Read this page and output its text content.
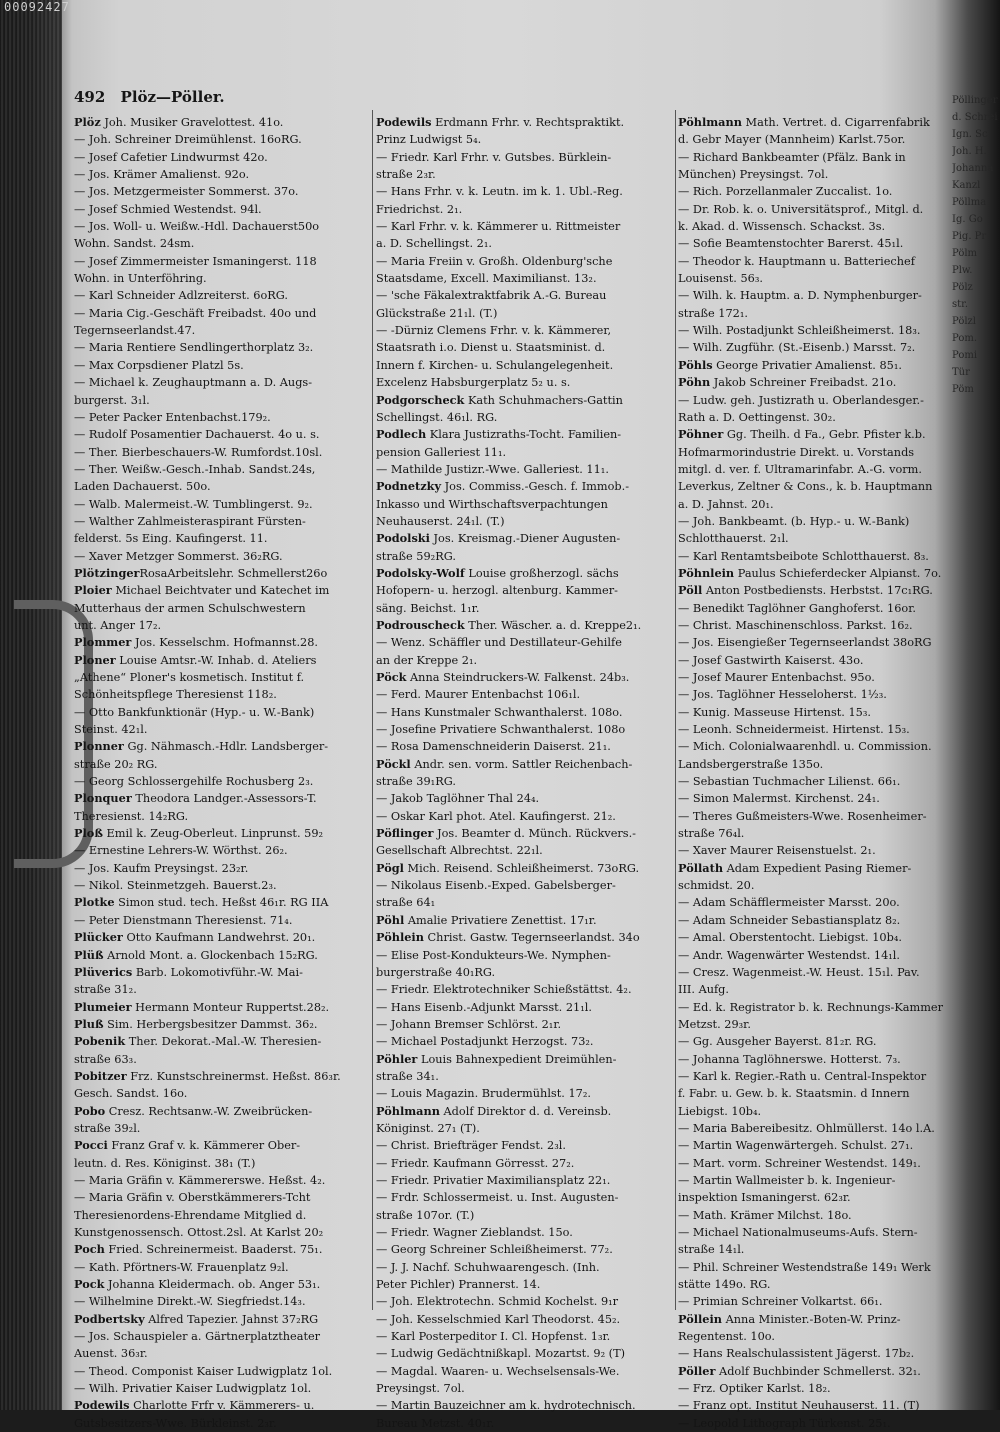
00092427
492 Plöz—Pöller.
Plöz Joh. Musiker Gravelottest. 41o.
— Joh. Schreiner Dreimühlenst. 16oRG.
— Josef Cafetier Lindwurmst 42o.
— Jos. Krämer Amalienst. 92o.
— Jos. Metzgermeister Sommerst. 37o.
— Josef Schmied Westendst. 94l.
— Jos. Woll- u. Weißw.-Hdl. Dachauerst50o
Wohn. Sandst. 24sm.
— Josef Zimmermeister Ismaningerst. 118
Wohn. in Unterföhring.
— Karl Schneider Adlzreiterst. 6oRG.
— Maria Cig.-Geschäft Freibadst. 40o und
Tegernseerlandst.47.
— Maria Rentiere Sendlingerthorplatz 3₂.
— Max Corpsdiener Platzl 5s.
— Michael k. Zeughauptmann a. D. Augs-
burgerst. 3₁l.
— Peter Packer Entenbachst.179₂.
— Rudolf Posamentier Dachauerst. 4o u. s.
— Ther. Bierbeschauers-W. Rumfordst.10sl.
— Ther. Weißw.-Gesch.-Inhab. Sandst.24s,
Laden Dachauerst. 50o.
— Walb. Malermeist.-W. Tumblingerst. 9₂.
— Walther Zahlmeisteraspirant Fürsten-
felderst. 5s Eing. Kaufingerst. 11.
— Xaver Metzger Sommerst. 36₂RG.
PlötzingerRosaArbeitslehr. Schmellerst26o
Ploier Michael Beichtvater und Katechet im
Mutterhaus der armen Schulschwestern
unt. Anger 17₂.
Plommer Jos. Kesselschm. Hofmannst.28.
Ploner Louise Amtsr.-W. Inhab. d. Ateliers
„Athene“ Ploner's kosmetisch. Institut f.
Schönheitspflege Theresienst 118₂.
— Otto Bankfunktionär (Hyp.- u. W.-Bank)
Steinst. 42₁l.
Plonner Gg. Nähmasch.-Hdlr. Landsberger-
straße 20₂ RG.
— Georg Schlossergehilfe Rochusberg 2₃.
Plonquer Theodora Landger.-Assessors-T.
Theresienst. 14₂RG.
Ploß Emil k. Zeug-Oberleut. Linprunst. 59₂
— Ernestine Lehrers-W. Wörthst. 26₂.
— Jos. Kaufm Preysingst. 23₂r.
— Nikol. Steinmetzgeh. Bauerst.2₃.
Plotke Simon stud. tech. Heßst 46₁r. RG IIA
— Peter Dienstmann Theresienst. 71₄.
Plücker Otto Kaufmann Landwehrst. 20₁.
Plüß Arnold Mont. a. Glockenbach 15₂RG.
Plüverics Barb. Lokomotivführ.-W. Mai-
straße 31₂.
Plumeier Hermann Monteur Ruppertst.28₂.
Pluß Sim. Herbergsbesitzer Dammst. 36₂.
Pobenik Ther. Dekorat.-Mal.-W. Theresien-
straße 63₃.
Pobitzer Frz. Kunstschreinermst. Heßst. 86₃r.
Gesch. Sandst. 16o.
Pobo Cresz. Rechtsanw.-W. Zweibrücken-
straße 39₂l.
Pocci Franz Graf v. k. Kämmerer Ober-
leutn. d. Res. Königinst. 38₁ (T.)
— Maria Gräfin v. Kämmererswe. Heßst. 4₂.
— Maria Gräfin v. Oberstkämmerers-Tcht
Theresienordens-Ehrendame Mitglied d.
Kunstgenossensch. Ottost.2sl. At Karlst 20₂
Poch Fried. Schreinermeist. Baaderst. 75₁.
— Kath. Pförtners-W. Frauenplatz 9₂l.
Pock Johanna Kleidermach. ob. Anger 53₁.
— Wilhelmine Direkt.-W. Siegfriedst.14₃.
Podbertsky Alfred Tapezier. Jahnst 37₂RG
— Jos. Schauspieler a. Gärtnerplatztheater
Auenst. 36₃r.
— Theod. Componist Kaiser Ludwigplatz 1ol.
— Wilh. Privatier Kaiser Ludwigplatz 1ol.
Podewils Charlotte Frfr v. Kämmerers- u.
Gutsbesitzers-Wwe. Bürkleinst. 2₃r.
Podewils Erdmann Frhr. v. Rechtspraktikt.
Prinz Ludwigst 5₄.
— Friedr. Karl Frhr. v. Gutsbes. Bürklein-
straße 2₃r.
— Hans Frhr. v. k. Leutn. im k. 1. Ubl.-Reg.
Friedrichst. 2₁.
— Karl Frhr. v. k. Kämmerer u. Rittmeister
a. D. Schellingst. 2₁.
— Maria Freiin v. Großh. Oldenburg'sche
Staatsdame, Excell. Maximilianst. 13₂.
— 'sche Fäkalextraktfabrik A.-G. Bureau
Glückstraße 21₁l. (T.)
— -Dürniz Clemens Frhr. v. k. Kämmerer,
Staatsrath i.o. Dienst u. Staatsminist. d.
Innern f. Kirchen- u. Schulangelegenheit.
Excelenz Habsburgerplatz 5₂ u. s.
Podgorscheck Kath Schuhmachers-Gattin
Schellingst. 46₁l. RG.
Podlech Klara Justizraths-Tocht. Familien-
pension Galleriest 11₁.
— Mathilde Justizr.-Wwe. Galleriest. 11₁.
Podnetzky Jos. Commiss.-Gesch. f. Immob.-
Inkasso und Wirthschaftsverpachtungen
Neuhauserst. 24₁l. (T.)
Podolski Jos. Kreismag.-Diener Augusten-
straße 59₂RG.
Podolsky-Wolf Louise großherzogl. sächs
Hofopern- u. herzogl. altenburg. Kammer-
säng. Beichst. 1₁r.
Podrouscheck Ther. Wäscher. a. d. Kreppe2₁.
— Wenz. Schäffler und Destillateur-Gehilfe
an der Kreppe 2₁.
Pöck Anna Steindruckers-W. Falkenst. 24b₃.
— Ferd. Maurer Entenbachst 106₁l.
— Hans Kunstmaler Schwanthalerst. 108o.
— Josefine Privatiere Schwanthalerst. 108o
— Rosa Damenschneiderin Daiserst. 21₁.
Pöckl Andr. sen. vorm. Sattler Reichenbach-
straße 39₁RG.
— Jakob Taglöhner Thal 24₄.
— Oskar Karl phot. Atel. Kaufingerst. 21₂.
Pöflinger Jos. Beamter d. Münch. Rückvers.-
Gesellschaft Albrechtst. 22₁l.
Pögl Mich. Reisend. Schleißheimerst. 73oRG.
— Nikolaus Eisenb.-Exped. Gabelsberger-
straße 64₁
Pöhl Amalie Privatiere Zenettist. 17₁r.
Pöhlein Christ. Gastw. Tegernseerlandst. 34o
— Elise Post-Kondukteurs-We. Nymphen-
burgerstraße 40₁RG.
— Friedr. Elektrotechniker Schießstättst. 4₂.
— Hans Eisenb.-Adjunkt Marsst. 21₁l.
— Johann Bremser Schlörst. 2₁r.
— Michael Postadjunkt Herzogst. 73₂.
Pöhler Louis Bahnexpedient Dreimühlen-
straße 34₁.
— Louis Magazin. Brudermühlst. 17₂.
Pöhlmann Adolf Direktor d. d. Vereinsb.
Königinst. 27₁ (T).
— Christ. Briefträger Fendst. 2₃l.
— Friedr. Kaufmann Görresst. 27₂.
— Friedr. Privatier Maximiliansplatz 22₁.
— Frdr. Schlossermeist. u. Inst. Augusten-
straße 107or. (T.)
— Friedr. Wagner Zieblandst. 15o.
— Georg Schreiner Schleißheimerst. 77₂.
— J. J. Nachf. Schuhwaarengesch. (Inh.
Peter Pichler) Prannerst. 14.
— Joh. Elektrotechn. Schmid Kochelst. 9₁r
— Joh. Kesselschmied Karl Theodorst. 45₂.
— Karl Posterpeditor I. Cl. Hopfenst. 1₃r.
— Ludwig Gedächtnißkapl. Mozartst. 9₂ (T)
— Magdal. Waaren- u. Wechselsensals-We.
Preysingst. 7ol.
— Martin Bauzeichner am k. hydrotechnisch.
Bureau Metzst. 40₁r.
Pöhlmann Math. Vertret. d. Cigarrenfabrik
d. Gebr Mayer (Mannheim) Karlst.75or.
— Richard Bankbeamter (Pfälz. Bank in
München) Preysingst. 7ol.
— Rich. Porzellanmaler Zuccalist. 1o.
— Dr. Rob. k. o. Universitätsprof., Mitgl. d.
k. Akad. d. Wissensch. Schackst. 3s.
— Sofie Beamtenstochter Barerst. 45₁l.
— Theodor k. Hauptmann u. Batteriechef
Louisenst. 56₃.
— Wilh. k. Hauptm. a. D. Nymphenburger-
straße 172₁.
— Wilh. Postadjunkt Schleißheimerst. 18₃.
— Wilh. Zugführ. (St.-Eisenb.) Marsst. 7₂.
Pöhls George Privatier Amalienst. 85₁.
Pöhn Jakob Schreiner Freibadst. 21o.
— Ludw. geh. Justizrath u. Oberlandesger.-
Rath a. D. Oettingenst. 30₂.
Pöhner Gg. Theilh. d Fa., Gebr. Pfister k.b.
Hofmarmorindustrie Direkt. u. Vorstands
mitgl. d. ver. f. Ultramarinfabr. A.-G. vorm.
Leverkus, Zeltner & Cons., k. b. Hauptmann
a. D. Jahnst. 20₁.
— Joh. Bankbeamt. (b. Hyp.- u. W.-Bank)
Schlotthauerst. 2₁l.
— Karl Rentamtsbeibote Schlotthauerst. 8₃.
Pöhnlein Paulus Schieferdecker Alpianst. 7o.
Pöll Anton Postbediensts. Herbstst. 17c₁RG.
— Benedikt Taglöhner Ganghoferst. 16or.
— Christ. Maschinenschloss. Parkst. 16₂.
— Jos. Eisengießer Tegernseerlandst 38oRG
— Josef Gastwirth Kaiserst. 43o.
— Josef Maurer Entenbachst. 95o.
— Jos. Taglöhner Hesseloherst. 1½₃.
— Kunig. Masseuse Hirtenst. 15₃.
— Leonh. Schneidermeist. Hirtenst. 15₃.
— Mich. Colonialwaarenhdl. u. Commission.
Landsbergerstraße 135o.
— Sebastian Tuchmacher Lilienst. 66₁.
— Simon Malermst. Kirchenst. 24₁.
— Theres Gußmeisters-Wwe. Rosenheimer-
straße 76₄l.
— Xaver Maurer Reisenstuelst. 2₁.
Pöllath Adam Expedient Pasing Riemer-
schmidst. 20.
— Adam Schäfflermeister Marsst. 20o.
— Adam Schneider Sebastiansplatz 8₂.
— Amal. Oberstentocht. Liebigst. 10b₄.
— Andr. Wagenwärter Westendst. 14₁l.
— Cresz. Wagenmeist.-W. Heust. 15₁l. Pav.
III. Aufg.
— Ed. k. Registrator b. k. Rechnungs-Kammer
Metzst. 29₃r.
— Gg. Ausgeher Bayerst. 81₂r. RG.
— Johanna Taglöhnerswe. Hotterst. 7₃.
— Karl k. Regier.-Rath u. Central-Inspektor
f. Fabr. u. Gew. b. k. Staatsmin. d Innern
Liebigst. 10b₄.
— Maria Babereibesitz. Ohlmüllerst. 14o l.A.
— Martin Wagenwärtergeh. Schulst. 27₁.
— Mart. vorm. Schreiner Westendst. 149₁.
— Martin Wallmeister b. k. Ingenieur-
inspektion Ismaningerst. 62₃r.
— Math. Krämer Milchst. 18o.
— Michael Nationalmuseums-Aufs. Stern-
straße 14₁l.
— Phil. Schreiner Westendstraße 149₁ Werk
stätte 149o. RG.
— Primian Schreiner Volkartst. 66₁.
Pöllein Anna Minister.-Boten-W. Prinz-
Regentenst. 10o.
— Hans Realschulassistent Jägerst. 17b₂.
Pöller Adolf Buchbinder Schmellerst. 32₁.
— Frz. Optiker Karlst. 18₂.
— Franz opt. Institut Neuhauserst. 11. (T)
— Leopold Lithograph Türkenst. 25₁.
Pöllinger
d. Schrei
Ign. Sc
Joh. H.
Johanna
Kanzl
Pöllma
Ig. Go
Pig. Pr
Pölm
Plw.
Pölz
str.
Pölzl
Pom.
Pomi
Tür
Pöm
